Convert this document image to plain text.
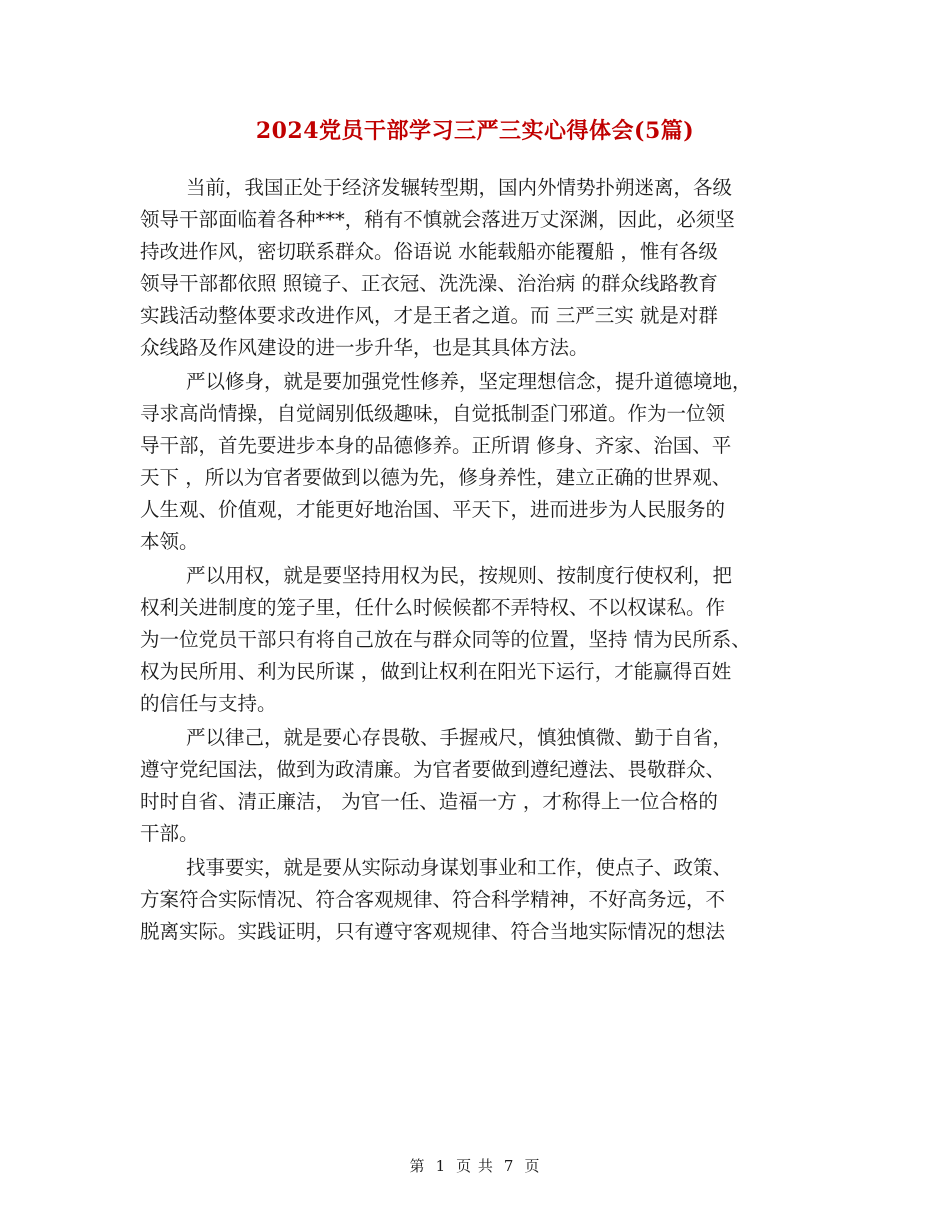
2024党员干部学习三严三实心得体会(5篇)
当前，我国正处于经济发辗转型期，国内外情势扑朔迷离，各级
领导干部面临着各种***，稍有不慎就会落进万丈深渊，因此，必须坚
持改进作风，密切联系群众。俗语说 水能载船亦能覆船 ，惟有各级
领导干部都依照 照镜子、正衣冠、洗洗澡、治治病 的群众线路教育
实践活动整体要求改进作风，才是王者之道。而 三严三实 就是对群
众线路及作风建设的进一步升华，也是其具体方法。
严以修身，就是要加强党性修养，坚定理想信念，提升道德境地，
寻求高尚情操，自觉阔别低级趣味，自觉抵制歪门邪道。作为一位领
导干部，首先要进步本身的品德修养。正所谓 修身、齐家、治国、平
天下 ，所以为官者要做到以德为先，修身养性，建立正确的世界观、
人生观、价值观，才能更好地治国、平天下，进而进步为人民服务的
本领。
严以用权，就是要坚持用权为民，按规则、按制度行使权利，把
权利关进制度的笼子里，任什么时候候都不弄特权、不以权谋私。作
为一位党员干部只有将自己放在与群众同等的位置，坚持 情为民所系、
权为民所用、利为民所谋 ，做到让权利在阳光下运行，才能赢得百姓
的信任与支持。
严以律己，就是要心存畏敬、手握戒尺，慎独慎微、勤于自省，
遵守党纪国法，做到为政清廉。为官者要做到遵纪遵法、畏敬群众、
时时自省、清正廉洁， 为官一任、造福一方 ，才称得上一位合格的
干部。
找事要实，就是要从实际动身谋划事业和工作，使点子、政策、
方案符合实际情况、符合客观规律、符合科学精神，不好高务远，不
脱离实际。实践证明，只有遵守客观规律、符合当地实际情况的想法
第 1 页 共 7 页
